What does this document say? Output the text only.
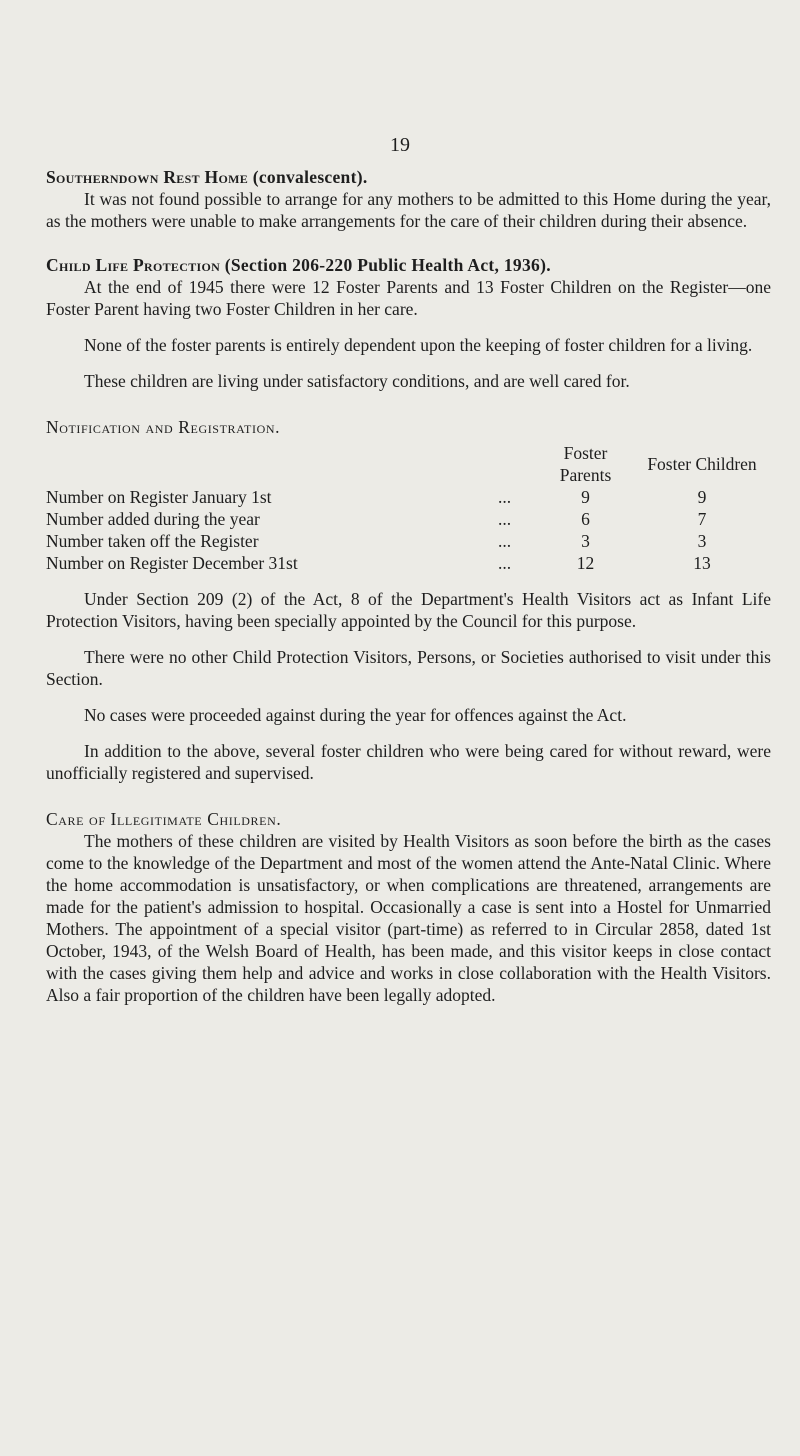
19

Southerndown Rest Home (convalescent).

It was not found possible to arrange for any mothers to be admitted to this Home during the year, as the mothers were unable to make arrangements for the care of their children during their absence.

Child Life Protection (Section 206-220 Public Health Act, 1936).

At the end of 1945 there were 12 Foster Parents and 13 Foster Children on the Register—one Foster Parent having two Foster Children in her care.

None of the foster parents is entirely dependent upon the keeping of foster children for a living.

These children are living under satisfactory conditions, and are well cared for.

Notification and Registration.

		Foster Parents	Foster Children
Number on Register January 1st	...	9	9
Number added during the year	...	6	7
Number taken off the Register	...	3	3
Number on Register December 31st	...	12	13

Under Section 209 (2) of the Act, 8 of the Department's Health Visitors act as Infant Life Protection Visitors, having been specially appointed by the Council for this purpose.

There were no other Child Protection Visitors, Persons, or Societies authorised to visit under this Section.

No cases were proceeded against during the year for offences against the Act.

In addition to the above, several foster children who were being cared for without reward, were unofficially registered and supervised.

Care of Illegitimate Children.

The mothers of these children are visited by Health Visitors as soon before the birth as the cases come to the knowledge of the Department and most of the women attend the Ante-Natal Clinic. Where the home accommodation is unsatisfactory, or when complications are threatened, arrangements are made for the patient's admission to hospital. Occasionally a case is sent into a Hostel for Unmarried Mothers. The appointment of a special visitor (part-time) as referred to in Circular 2858, dated 1st October, 1943, of the Welsh Board of Health, has been made, and this visitor keeps in close contact with the cases giving them help and advice and works in close collaboration with the Health Visitors. Also a fair proportion of the children have been legally adopted.
